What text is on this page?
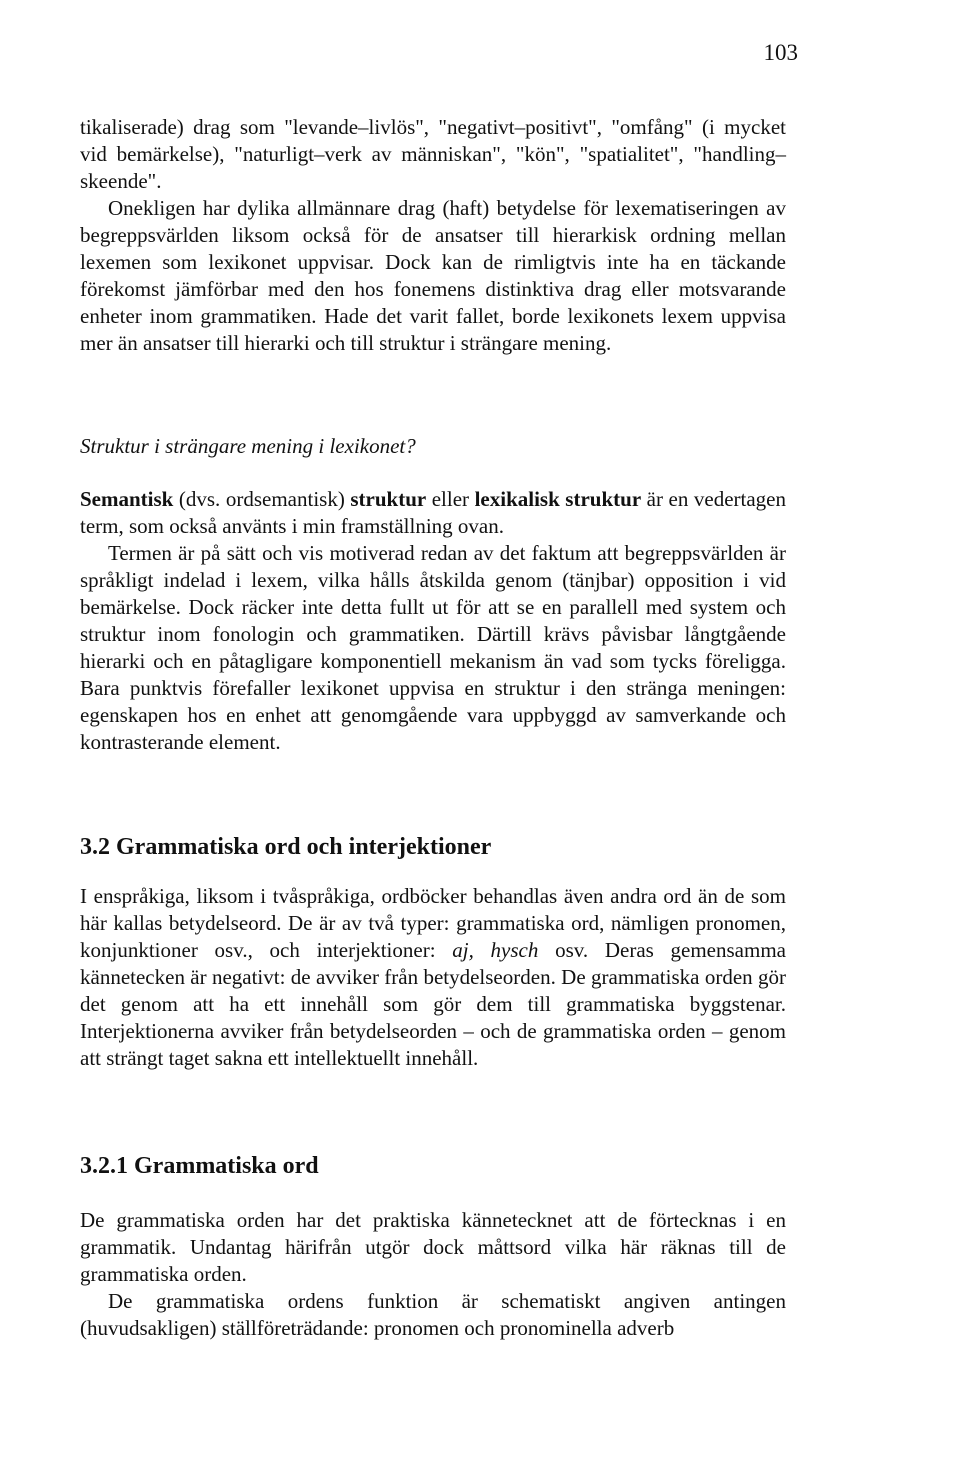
103

tikaliserade) drag som "levande–livlös", "negativt–positivt", "omfång" (i mycket vid bemärkelse), "naturligt–verk av människan", "kön", "spatialitet", "handling–skeende".

Onekligen har dylika allmännare drag (haft) betydelse för lexematiseringen av begreppsvärlden liksom också för de ansatser till hierarkisk ordning mellan lexemen som lexikonet uppvisar. Dock kan de rimligtvis inte ha en täckande förekomst jämförbar med den hos fonemens distinktiva drag eller motsvarande enheter inom grammatiken. Hade det varit fallet, borde lexikonets lexem uppvisa mer än ansatser till hierarki och till struktur i strängare mening.

Struktur i strängare mening i lexikonet?

Semantisk (dvs. ordsemantisk) struktur eller lexikalisk struktur är en vedertagen term, som också använts i min framställning ovan.

Termen är på sätt och vis motiverad redan av det faktum att begreppsvärlden är språkligt indelad i lexem, vilka hålls åtskilda genom (tänjbar) opposition i vid bemärkelse. Dock räcker inte detta fullt ut för att se en parallell med system och struktur inom fonologin och grammatiken. Därtill krävs påvisbar långtgående hierarki och en påtagligare komponentiell mekanism än vad som tycks föreligga. Bara punktvis förefaller lexikonet uppvisa en struktur i den stränga meningen: egenskapen hos en enhet att genomgående vara uppbyggd av samverkande och kontrasterande element.

3.2 Grammatiska ord och interjektioner

I enspråkiga, liksom i tvåspråkiga, ordböcker behandlas även andra ord än de som här kallas betydelseord. De är av två typer: grammatiska ord, nämligen pronomen, konjunktioner osv., och interjektioner: aj, hysch osv. Deras gemensamma kännetecken är negativt: de avviker från betydelseorden. De grammatiska orden gör det genom att ha ett innehåll som gör dem till grammatiska byggstenar. Interjektionerna avviker från betydelseorden – och de grammatiska orden – genom att strängt taget sakna ett intellektuellt innehåll.

3.2.1 Grammatiska ord

De grammatiska orden har det praktiska kännetecknet att de förtecknas i en grammatik. Undantag härifrån utgör dock måttsord vilka här räknas till de grammatiska orden.

De grammatiska ordens funktion är schematiskt angiven antingen (huvudsakligen) ställföreträdande: pronomen och pronominella adverb
